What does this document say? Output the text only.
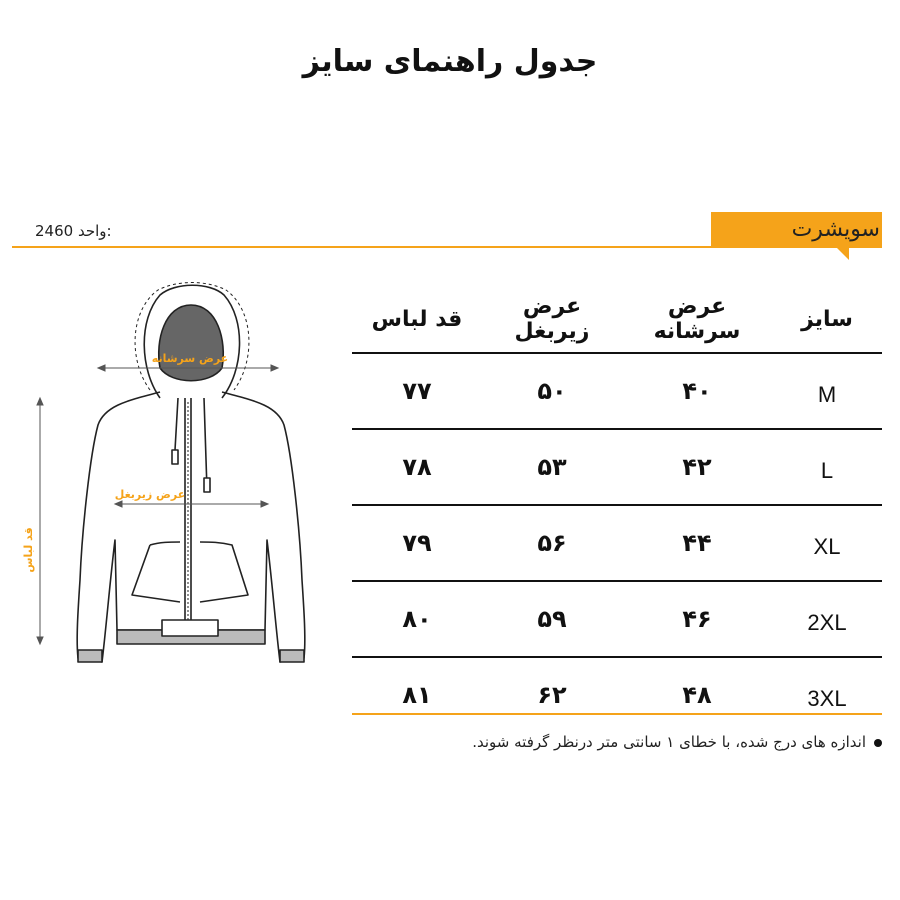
جدول راهنمای سایز
سویشرت
2460 واحد:
عرض سرشانه
عرض زیربغل
قد لباس
سایز	عرض سرشانه	عرض زیربغل	قد لباس
M	۴۰	۵۰	۷۷
L	۴۲	۵۳	۷۸
XL	۴۴	۵۶	۷۹
2XL	۴۶	۵۹	۸۰
3XL	۴۸	۶۲	۸۱
اندازه های درج شده، با خطای ۱ سانتی متر درنظر گرفته شوند.
